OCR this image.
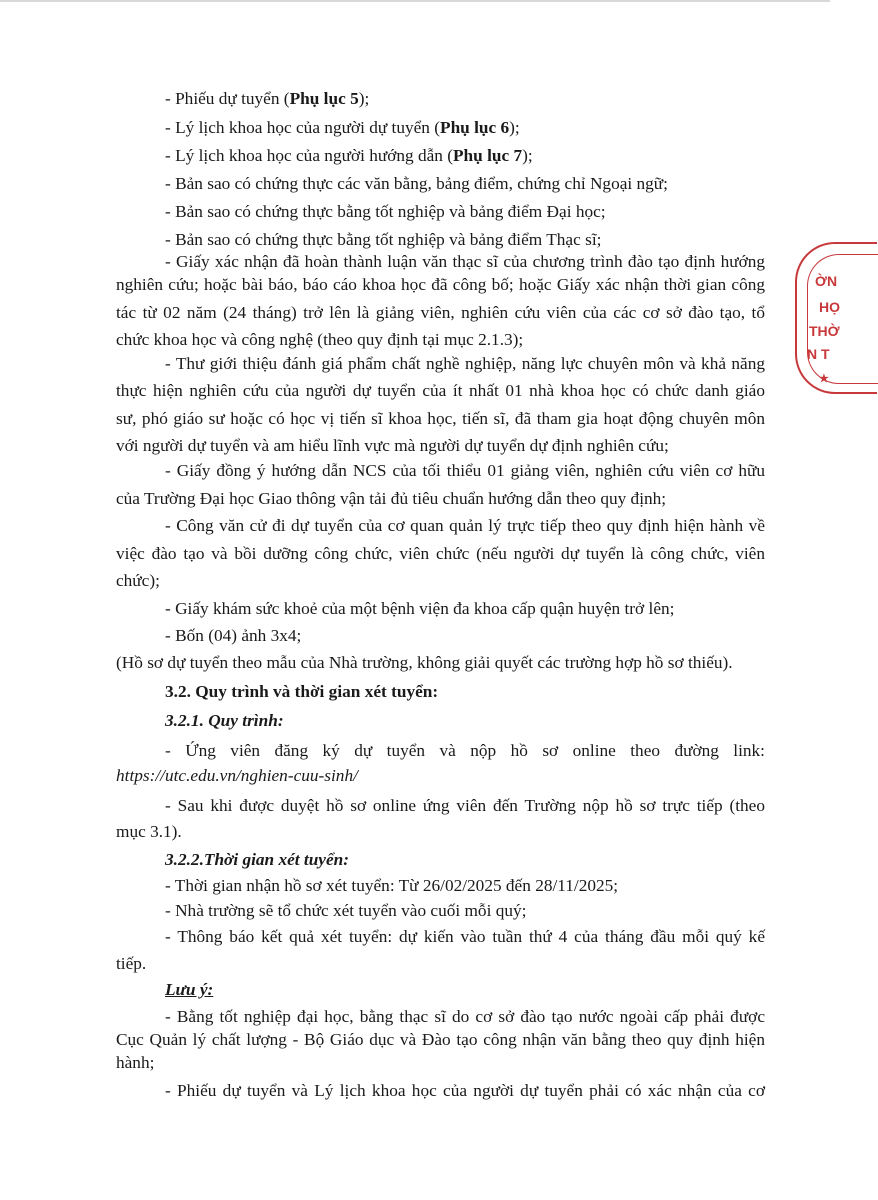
- Phiếu dự tuyển (Phụ lục 5);

- Lý lịch khoa học của người dự tuyển (Phụ lục 6);

- Lý lịch khoa học của người hướng dẫn (Phụ lục 7);

- Bản sao có chứng thực các văn bằng, bảng điểm, chứng chỉ Ngoại ngữ;

- Bản sao có chứng thực bằng tốt nghiệp và bảng điểm Đại học;

- Bản sao có chứng thực bằng tốt nghiệp và bảng điểm Thạc sĩ;

- Giấy xác nhận đã hoàn thành luận văn thạc sĩ của chương trình đào tạo định hướng

nghiên cứu; hoặc bài báo, báo cáo khoa học đã công bố; hoặc Giấy xác nhận thời gian công

tác từ 02 năm (24 tháng) trở lên là giảng viên, nghiên cứu viên của các cơ sở đào tạo, tổ

chức khoa học và công nghệ (theo quy định tại mục 2.1.3);

- Thư giới thiệu đánh giá phẩm chất nghề nghiệp, năng lực chuyên môn và khả năng

thực hiện nghiên cứu của người dự tuyển của ít nhất 01 nhà khoa học có chức danh giáo

sư, phó giáo sư hoặc có học vị tiến sĩ khoa học, tiến sĩ, đã tham gia hoạt động chuyên môn

với người dự tuyển và am hiểu lĩnh vực mà người dự tuyển dự định nghiên cứu;

- Giấy đồng ý hướng dẫn NCS của tối thiểu 01 giảng viên, nghiên cứu viên cơ hữu

của Trường Đại học Giao thông vận tải đủ tiêu chuẩn hướng dẫn theo quy định;

- Công văn cử đi dự tuyển của cơ quan quản lý trực tiếp theo quy định hiện hành về

việc đào tạo và bồi dưỡng công chức, viên chức (nếu người dự tuyển là công chức, viên

chức);

- Giấy khám sức khoẻ của một bệnh viện đa khoa cấp quận huyện trở lên;

- Bốn (04) ảnh 3x4;

(Hồ sơ dự tuyển theo mẫu của Nhà trường, không giải quyết các trường hợp hồ sơ thiếu).

3.2. Quy trình và thời gian xét tuyển:

3.2.1. Quy trình:

- Ứng viên đăng ký dự tuyển và nộp hồ sơ online theo đường link:

https://utc.edu.vn/nghien-cuu-sinh/

- Sau khi được duyệt hồ sơ online ứng viên đến Trường nộp hồ sơ trực tiếp (theo

mục 3.1).

3.2.2.Thời gian xét tuyển:

- Thời gian nhận hồ sơ xét tuyển: Từ 26/02/2025 đến 28/11/2025;

- Nhà trường sẽ tổ chức xét tuyển vào cuối mỗi quý;

- Thông báo kết quả xét tuyển: dự kiến vào tuần thứ 4 của tháng đầu mỗi quý kế

tiếp.

Lưu ý:

- Bằng tốt nghiệp đại học, bằng thạc sĩ do cơ sở đào tạo nước ngoài cấp phải được

Cục Quản lý chất lượng - Bộ Giáo dục và Đào tạo công nhận văn bằng theo quy định hiện

hành;

- Phiếu dự tuyển và Lý lịch khoa học của người dự tuyển phải có xác nhận của cơ

ỜN
HỌ
THỜ
N T
★
